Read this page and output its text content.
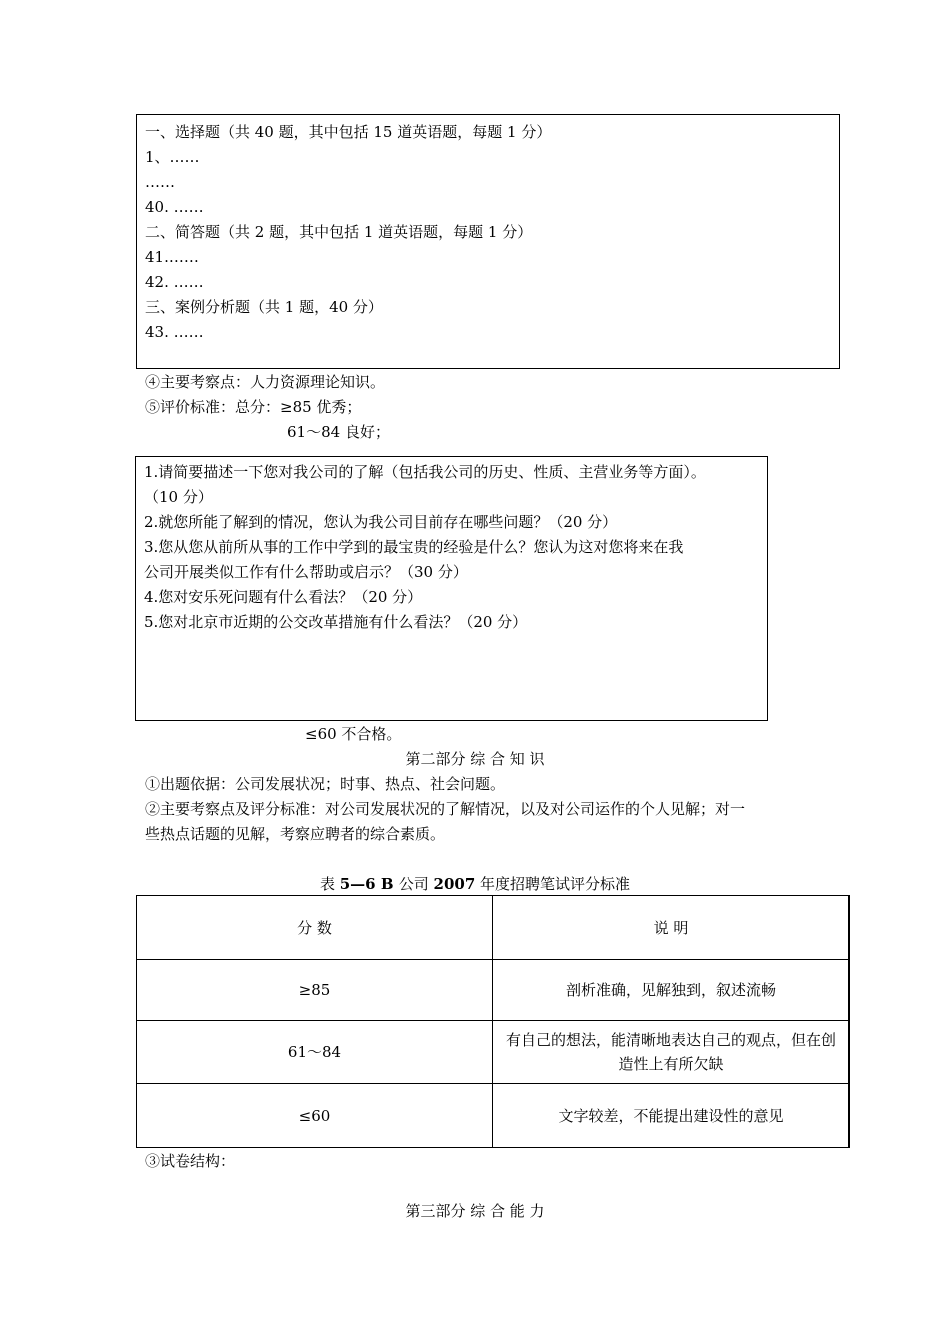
一、选择题（共 40 题，其中包括 15 道英语题，每题 1 分）
1、……
……
40. ……
二、简答题（共 2 题，其中包括 1 道英语题，每题 1 分）
41.……
42. ……
三、案例分析题（共 1 题，40 分）
43. ……
④主要考察点：人力资源理论知识。
⑤评价标准：总分：≥85 优秀；
61～84 良好；
1.请简要描述一下您对我公司的了解（包括我公司的历史、性质、主营业务等方面）。
（10 分）
2.就您所能了解到的情况，您认为我公司目前存在哪些问题？（20 分）
3.您从您从前所从事的工作中学到的最宝贵的经验是什么？您认为这对您将来在我
公司开展类似工作有什么帮助或启示？（30 分）
4.您对安乐死问题有什么看法？（20 分）
5.您对北京市近期的公交改革措施有什么看法？（20 分）
≤60 不合格。
第二部分 综 合 知 识
①出题依据：公司发展状况；时事、热点、社会问题。
②主要考察点及评分标准：对公司发展状况的了解情况，以及对公司运作的个人见解；对一
些热点话题的见解，考察应聘者的综合素质。
表 5—6 B 公司 2007 年度招聘笔试评分标准
分 数	说 明
≥85	剖析准确，见解独到，叙述流畅
61～84	有自己的想法，能清晰地表达自己的观点，但在创造性上有所欠缺
≤60	文字较差，不能提出建设性的意见
③试卷结构：
第三部分 综 合 能 力
